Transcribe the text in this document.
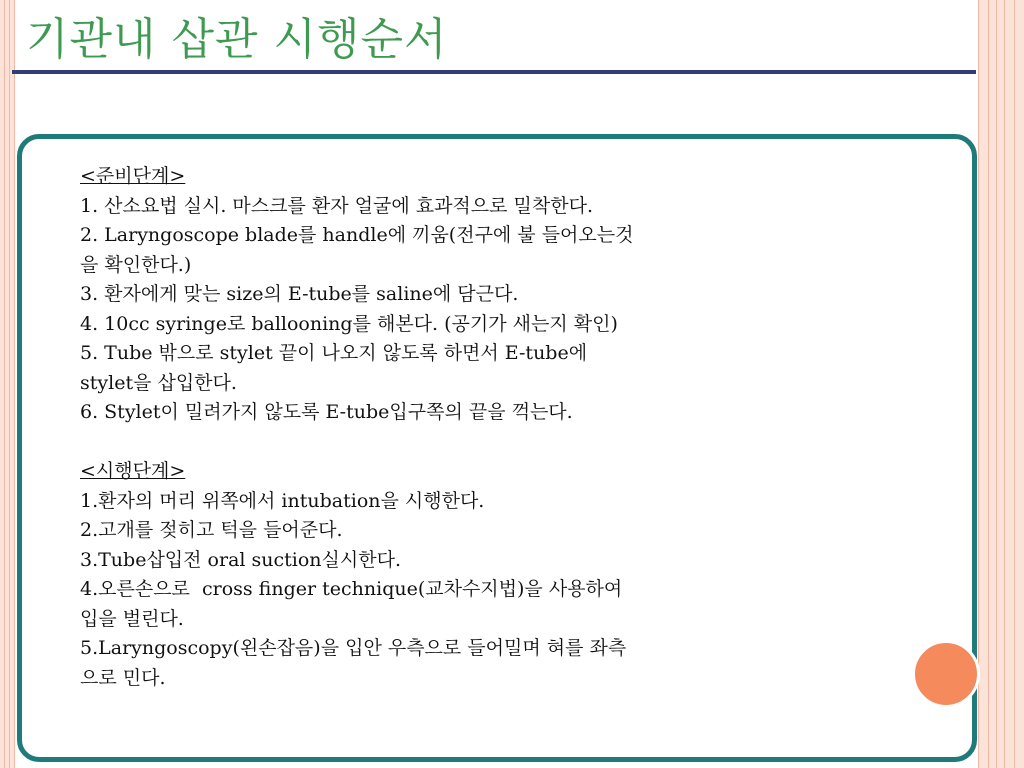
기관내 삽관 시행순서

<준비단계>

1. 산소요법 실시. 마스크를 환자 얼굴에 효과적으로 밀착한다.

2. Laryngoscope blade를 handle에 끼움(전구에 불 들어오는것

을 확인한다.)

3. 환자에게 맞는 size의 E-tube를 saline에 담근다.

4. 10cc syringe로 ballooning를 해본다. (공기가 새는지 확인)

5. Tube 밖으로 stylet 끝이 나오지 않도록 하면서 E-tube에

stylet을 삽입한다.

6. Stylet이 밀려가지 않도록 E-tube입구쪽의 끝을 꺽는다.

<시행단계>

1.환자의 머리 위쪽에서 intubation을 시행한다.

2.고개를 젖히고 턱을 들어준다.

3.Tube삽입전 oral suction실시한다.

4.오른손으로  cross finger technique(교차수지법)을 사용하여

입을 벌린다.

5.Laryngoscopy(왼손잡음)을 입안 우측으로 들어밀며 혀를 좌측

으로 민다.
